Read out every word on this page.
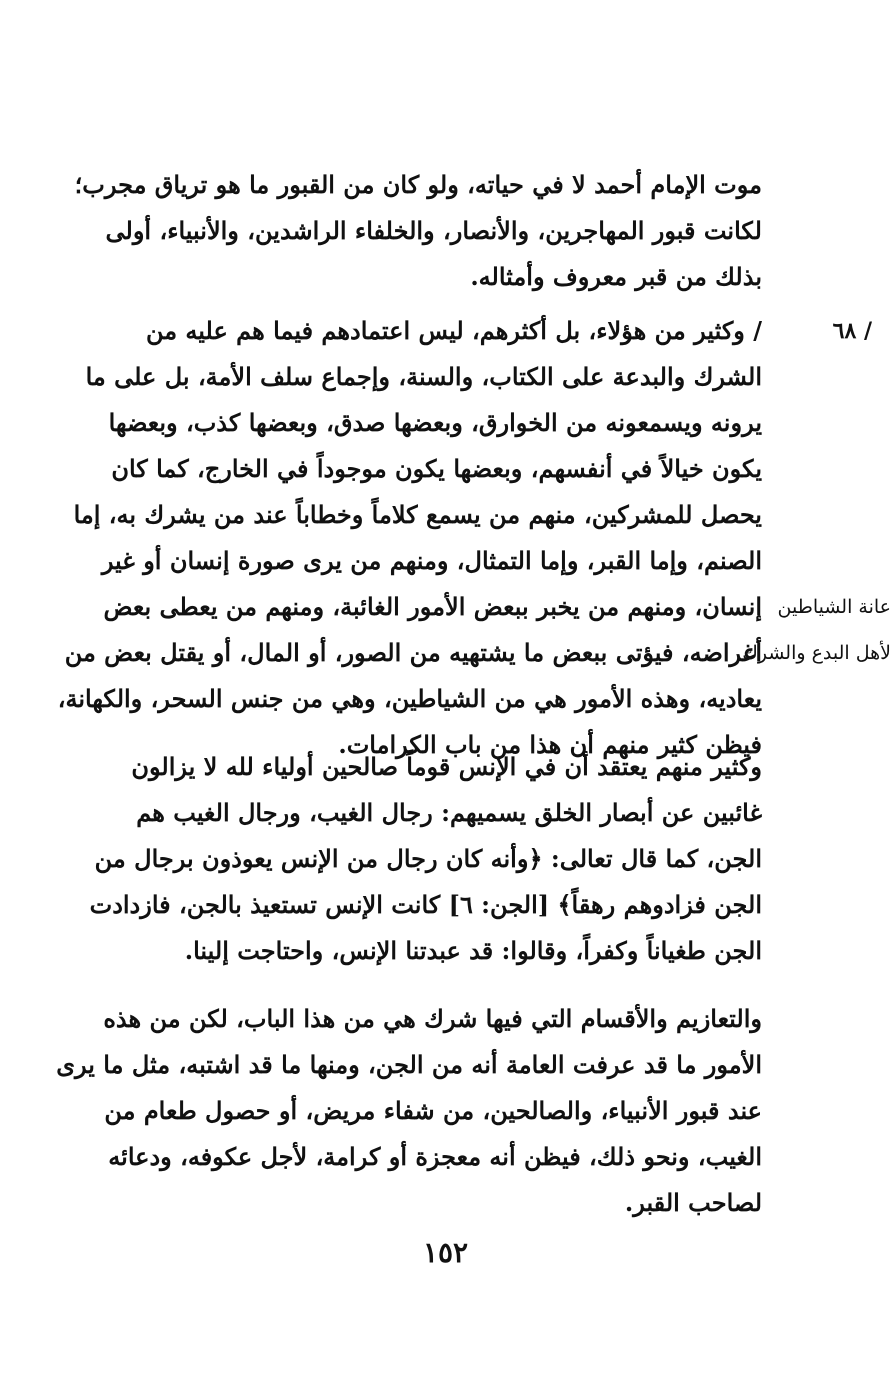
موت الإمام أحمد لا في حياته، ولو كان من القبور ما هو ترياق مجرب؛
لكانت قبور المهاجرين، والأنصار، والخلفاء الراشدين، والأنبياء، أولى
بذلك من قبر معروف وأمثاله.
/ ٦٨
/ وكثير من هؤلاء، بل أكثرهم، ليس اعتمادهم فيما هم عليه من
الشرك والبدعة على الكتاب، والسنة، وإجماع سلف الأمة، بل على ما
يرونه ويسمعونه من الخوارق، وبعضها صدق، وبعضها كذب، وبعضها
يكون خيالاً في أنفسهم، وبعضها يكون موجوداً في الخارج، كما كان
يحصل للمشركين، منهم من يسمع كلاماً وخطاباً عند من يشرك به، إما
الصنم، وإما القبر، وإما التمثال، ومنهم من يرى صورة إنسان أو غير
إنسان، ومنهم من يخبر ببعض الأمور الغائبة، ومنهم من يعطى بعض
أغراضه، فيؤتى ببعض ما يشتهيه من الصور، أو المال، أو يقتل بعض من
يعاديه، وهذه الأمور هي من الشياطين، وهي من جنس السحر، والكهانة،
فيظن كثير منهم أن هذا من باب الكرامات.
عانة الشياطين
لأهل البدع والشرك
وكثير منهم يعتقد أن في الإنس قوماً صالحين أولياء لله لا يزالون
غائبين عن أبصار الخلق يسميهم: رجال الغيب، ورجال الغيب هم
الجن، كما قال تعالى: ﴿وأنه كان رجال من الإنس يعوذون برجال من
الجن فزادوهم رهقاً﴾ [الجن: ٦] كانت الإنس تستعيذ بالجن، فازدادت
الجن طغياناً وكفراً، وقالوا: قد عبدتنا الإنس، واحتاجت إلينا.
والتعازيم والأقسام التي فيها شرك هي من هذا الباب، لكن من هذه
الأمور ما قد عرفت العامة أنه من الجن، ومنها ما قد اشتبه، مثل ما يرى
عند قبور الأنبياء، والصالحين، من شفاء مريض، أو حصول طعام من
الغيب، ونحو ذلك، فيظن أنه معجزة أو كرامة، لأجل عكوفه، ودعائه
لصاحب القبر.
١٥٢
